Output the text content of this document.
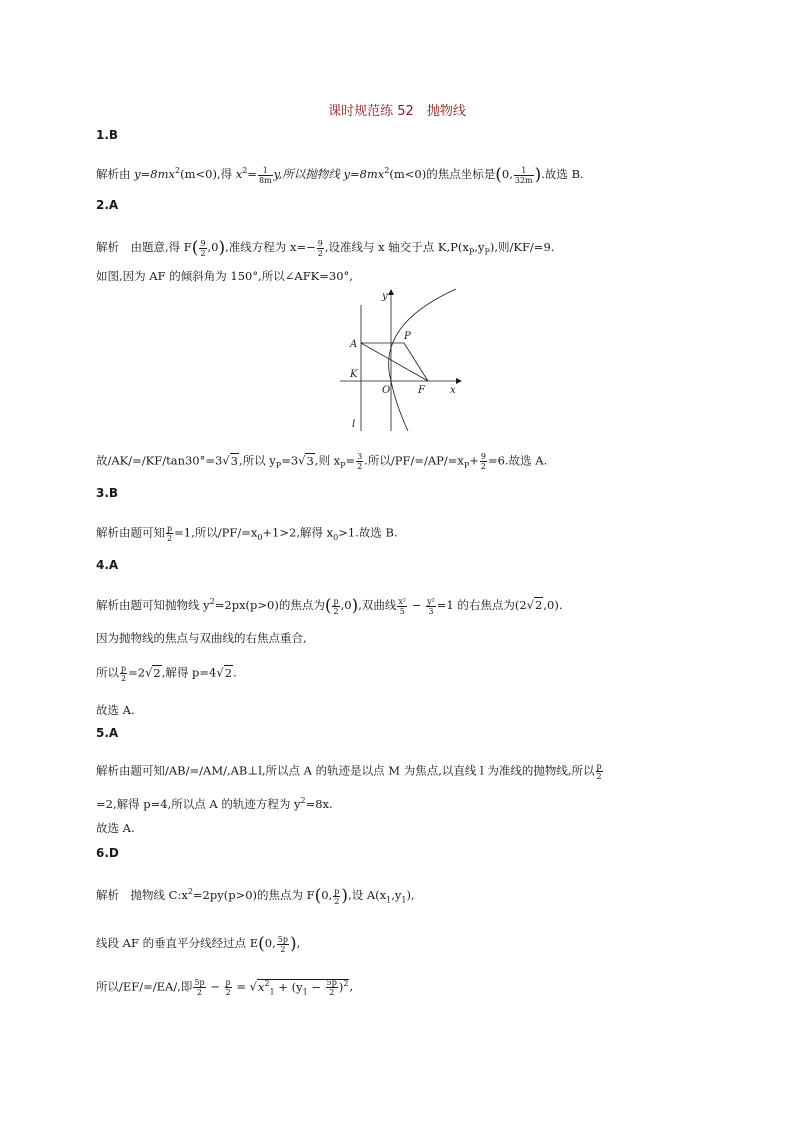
课时规范练 52　抛物线
1.B
解析由 $y=8mx^2(m<0)$,得 $x^2= \frac{1}{8m} y$,所以抛物线 $y=8mx^2(m<0)$的焦点坐标是(0, $\frac{1}{32m}$ ).故选 B.
2.A
解析　由题意,得 $F( \frac{9}{2} ,0)$,准线方程为 $x=- \frac{9}{2}$ ,设准线与 x 轴交于点 $K,P(x_P,y_P)$,则/KF/=9.
如图,因为 AF 的倾斜角为 150°,所以∠AFK=30°,
A
P
K
O	F	x
y
l
故/AK/=/KF/tan30°=3√3,所以 $y_P=3√3$,则 $x_P= \frac{3}{2}$ .所以$/PF/=/AP/=x_P+ \frac{9}{2} =6$.故选 A.
3.B
解析由题可知 $\frac{p}{2} =1$,所以$/PF/=x_0+1>2$,解得 $x_0>1$.故选 B.
4.A
解析由题可知抛物线 $y^2=2px(p>0)$的焦点为( $\frac{p}{2} ,0$),双曲线 $\frac{\text{x²}}{5} - \frac{\text{y²}}{3} =1$ 的右焦点为(2√2,0).
因为抛物线的焦点与双曲线的右焦点重合,
所以 $\frac{p}{2} =2√2$,解得 p=4√2.
故选 A.
5.A
解析由题可知/AB/=/AM/,AB⊥l,所以点 A 的轨迹是以点 M 为焦点,以直线 l 为准线的抛物线,所以 $\frac{p}{2}$
=2,解得 p=4,所以点 A 的轨迹方程为 $y^2=8x$.
故选 A.
6.D
解析　抛物线 $C:x^2=2py(p>0)$的焦点为 F(0, $\frac{p}{2}$ ),设 $A(x_1,y_1)$,
线段 AF 的垂直平分线经过点 E(0, $\frac{5p}{2}$ ),
所以/EF/=/EA/,即 $\frac{5p}{2} - \frac{p}{2} = √x^2_1 + (y_1 - \frac{5p}{2} )^2$,
